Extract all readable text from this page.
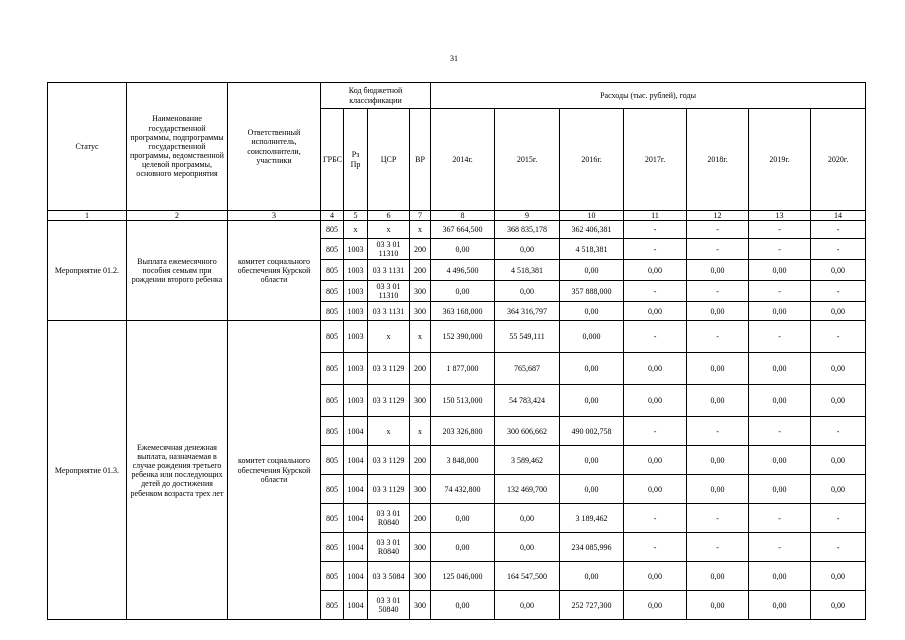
31
Статус	Наименование государственной программы, подпрограммы государственной программы, ведомственной целевой программы, основного мероприятия	Ответственный исполнитель, соисполнители, участники	Код бюджетной классификации				Расходы (тыс. рублей), годы						
			ГРБС	Рз Пр	ЦСР	ВР	2014г.	2015г.	2016г.	2017г.	2018г.	2019г.	2020г.
1	2	3	4	5	6	7	8	9	10	11	12	13	14
Мероприятие 01.2.	Выплата ежемесячного пособия семьям при рождении второго ребенка	комитет социального обеспечения Курской области	805	x	x	x	367 664,500	368 835,178	362 406,381	-	-	-	-
			805	1003	03 3 01 11310	200	0,00	0,00	4 518,381	-	-	-	-
			805	1003	03 3 1131	200	4 496,500	4 518,381	0,00	0,00	0,00	0,00	0,00
			805	1003	03 3 01 11310	300	0,00	0,00	357 888,000	-	-	-	-
			805	1003	03 3 1131	300	363 168,000	364 316,797	0,00	0,00	0,00	0,00	0,00
Мероприятие 01.3.	Ежемесячная денежная выплата, назначаемая в случае рождения третьего ребенка или последующих детей до достижения ребенком возраста трех лет	комитет социального обеспечения Курской области	805	1003	x	x	152 390,000	55 549,111	0,000	-	-	-	-
			805	1003	03 3 1129	200	1 877,000	765,687	0,00	0,00	0,00	0,00	0,00
			805	1003	03 3 1129	300	150 513,000	54 783,424	0,00	0,00	0,00	0,00	0,00
			805	1004	x	x	203 326,800	300 606,662	490 002,758	-	-	-	-
			805	1004	03 3 1129	200	3 848,000	3 589,462	0,00	0,00	0,00	0,00	0,00
			805	1004	03 3 1129	300	74 432,800	132 469,700	0,00	0,00	0,00	0,00	0,00
			805	1004	03 3 01 R0840	200	0,00	0,00	3 189,462	-	-	-	-
			805	1004	03 3 01 R0840	300	0,00	0,00	234 085,996	-	-	-	-
			805	1004	03 3 5084	300	125 046,000	164 547,500	0,00	0,00	0,00	0,00	0,00
			805	1004	03 3 01 50840	300	0,00	0,00	252 727,300	0,00	0,00	0,00	0,00
